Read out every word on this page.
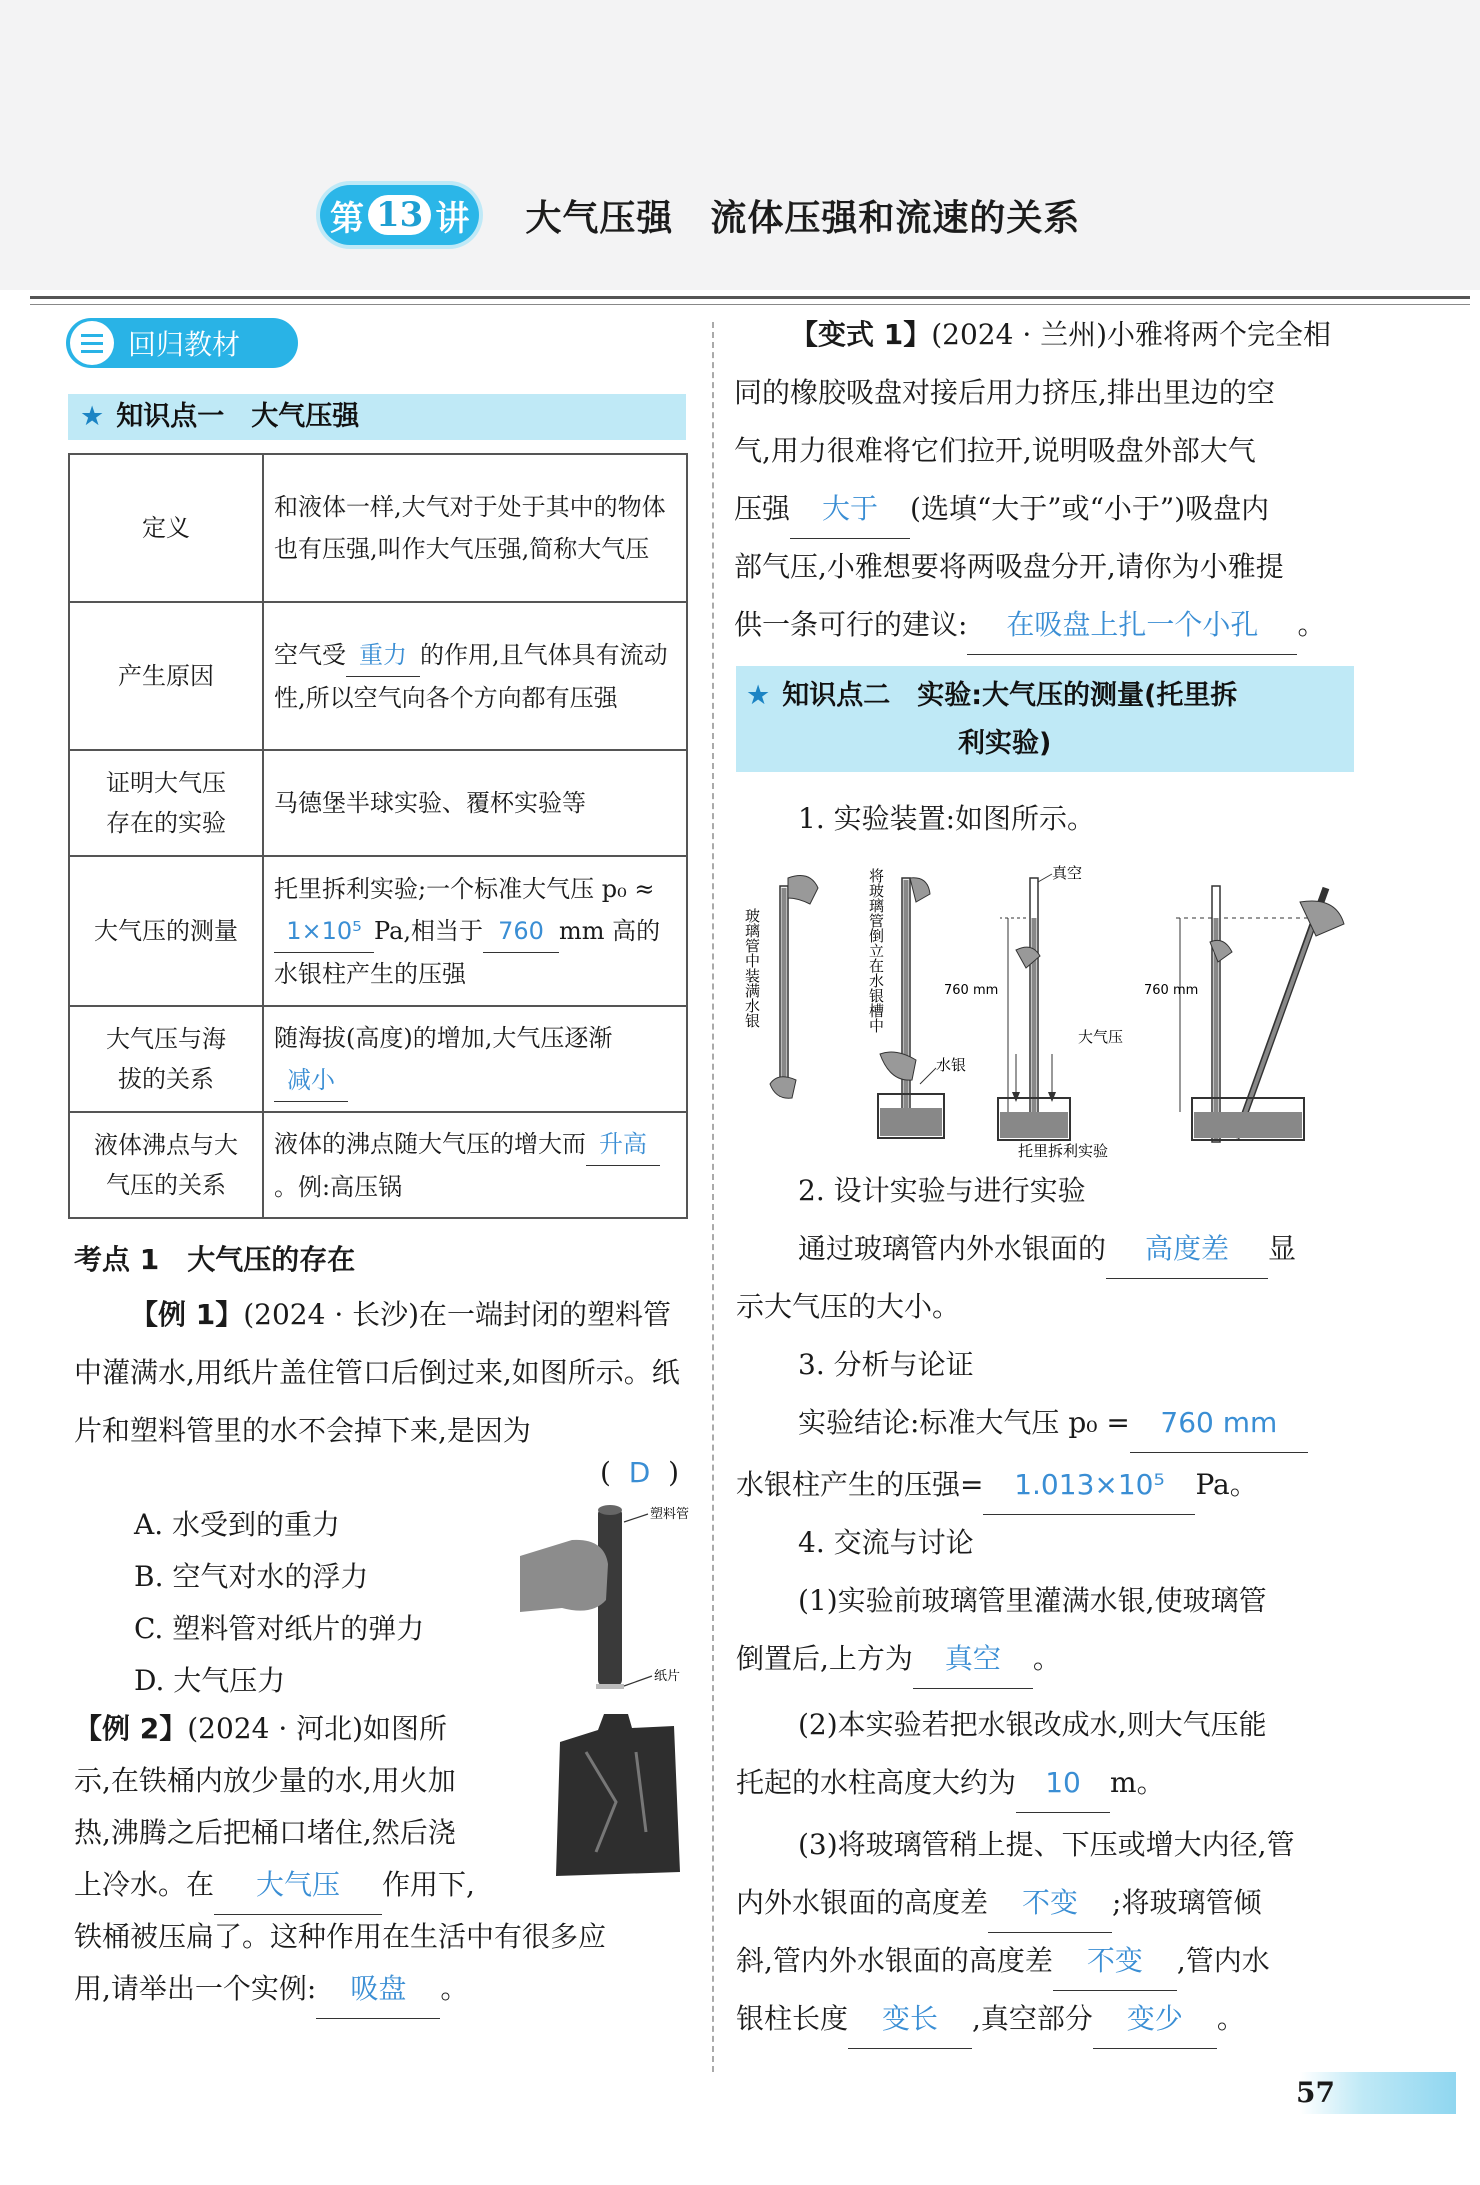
第 13 讲 大气压强　流体压强和流速的关系
回归教材
★ 知识点一　大气压强
定义	和液体一样,大气对于处于其中的物体也有压强,叫作大气压强,简称大气压
产生原因	空气受 重力 的作用,且气体具有流动性,所以空气向各个方向都有压强
证明大气压
存在的实验	马德堡半球实验、覆杯实验等
大气压的测量	托里拆利实验;一个标准大气压 p₀ ≈1×10⁵ Pa,相当于 760 mm 高的水银柱产生的压强
大气压与海
拔的关系	随海拔(高度)的增加,大气压逐渐减小
液体沸点与大
气压的关系	液体的沸点随大气压的增大而 升高。例:高压锅
考点 1　大气压的存在
【例 1】(2024 · 长沙)在一端封闭的塑料管中灌满水,用纸片盖住管口后倒过来,如图所示。纸片和塑料管里的水不会掉下来,是因为
(  D  )
A. 水受到的重力
B. 空气对水的浮力
C. 塑料管对纸片的弹力
D. 大气压力
塑料管
纸片
【例 2】(2024 · 河北)如图所
示,在铁桶内放少量的水,用火加
热,沸腾之后把桶口堵住,然后浇
上冷水。在 大气压 作用下,
铁桶被压扁了。这种作用在生活中有很多应
用,请举出一个实例: 吸盘 。
【变式 1】(2024 · 兰州)小雅将两个完全相
同的橡胶吸盘对接后用力挤压,排出里边的空
气,用力很难将它们拉开,说明吸盘外部大气
压强 大于 (选填“大于”或“小于”)吸盘内
部气压,小雅想要将两吸盘分开,请你为小雅提
供一条可行的建议: 在吸盘上扎一个小孔 。
★ 知识点二　实验:大气压的测量(托里拆
利实验)
1. 实验装置:如图所示。
玻璃管中装满水银	将玻璃管倒立在水银槽中
水银
真空
760 mm
大气压
760 mm
托里拆利实验
2. 设计实验与进行实验
通过玻璃管内外水银面的 高度差 显
示大气压的大小。
3. 分析与论证
实验结论:标准大气压 p₀ = 760 mm
水银柱产生的压强= 1.013×10⁵ Pa。
4. 交流与讨论
(1)实验前玻璃管里灌满水银,使玻璃管
倒置后,上方为 真空 。
(2)本实验若把水银改成水,则大气压能
托起的水柱高度大约为 10 m。
(3)将玻璃管稍上提、下压或增大内径,管
内外水银面的高度差 不变 ;将玻璃管倾
斜,管内外水银面的高度差 不变 ,管内水
银柱长度 变长 ,真空部分 变少 。
57
